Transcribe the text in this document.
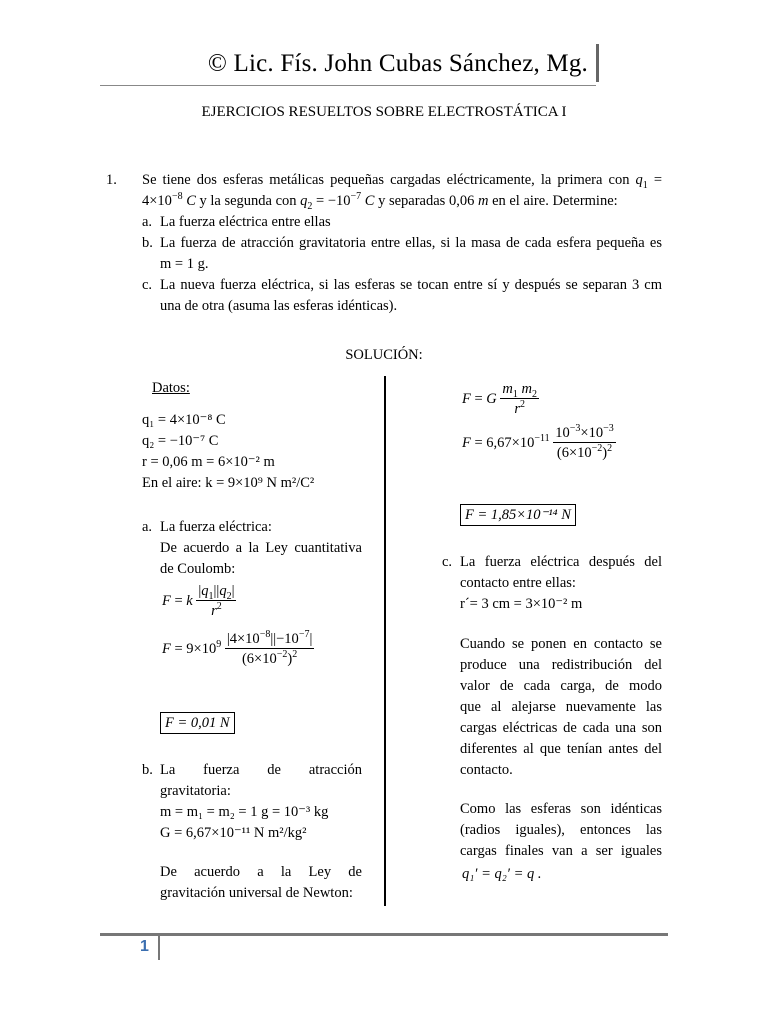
© Lic. Fís. John Cubas Sánchez, Mg.
EJERCICIOS RESUELTOS SOBRE ELECTROSTÁTICA I
1. Se tiene dos esferas metálicas pequeñas cargadas eléctricamente, la primera con $q_1$ =
$4\times 10^{-8}$ C y la segunda con $q_2 = -10^{-7}$ C y separadas 0,06 m en el aire. Determine:
a. La fuerza eléctrica entre ellas
b. La fuerza de atracción gravitatoria entre ellas, si la masa de cada esfera pequeña es
m = 1 g.
c. La nueva fuerza eléctrica, si las esferas se tocan entre sí y después se separan 3 cm
una de otra (asuma las esferas idénticas).
SOLUCIÓN:
Datos:
q₁ = 4×10⁻⁸ C
q₂ = −10⁻⁷ C
r = 0,06 m = 6×10⁻² m
En el aire: k = 9×10⁹ N m²/C²
a. La fuerza eléctrica:
De acuerdo a la Ley cuantitativa
de Coulomb:
F = k $\frac{|q_1||q_2|}{r^2}$
$F = 9\times 10^9 \frac{|4\times 10^{-8}||-10^{-7}|}{(6\times 10^{-2})^2}$
F = 0,01 N
b. La fuerza de atracción
gravitatoria:
m = m₁ = m₂ = 1 g = 10⁻³ kg
G = 6,67×10⁻¹¹ N m²/kg²
De acuerdo a la Ley de
gravitación universal de Newton:
F = G $\frac{m_1 m_2}{r^2}$
$F = 6,67\times 10^{-11} \frac{10^{-3}\times 10^{-3}}{(6\times 10^{-2})^2}$
F = 1,85×10⁻¹⁴ N
c. La fuerza eléctrica después del
contacto entre ellas:
r´= 3 cm = 3×10⁻² m
Cuando se ponen en contacto se
produce una redistribución del
valor de cada carga, de modo
que al alejarse nuevamente las
cargas eléctricas de cada una son
diferentes al que tenían antes del
contacto.
Como las esferas son idénticas
(radios iguales), entonces las
cargas finales van a ser iguales
q₁′ = q₂′ = q .
1
